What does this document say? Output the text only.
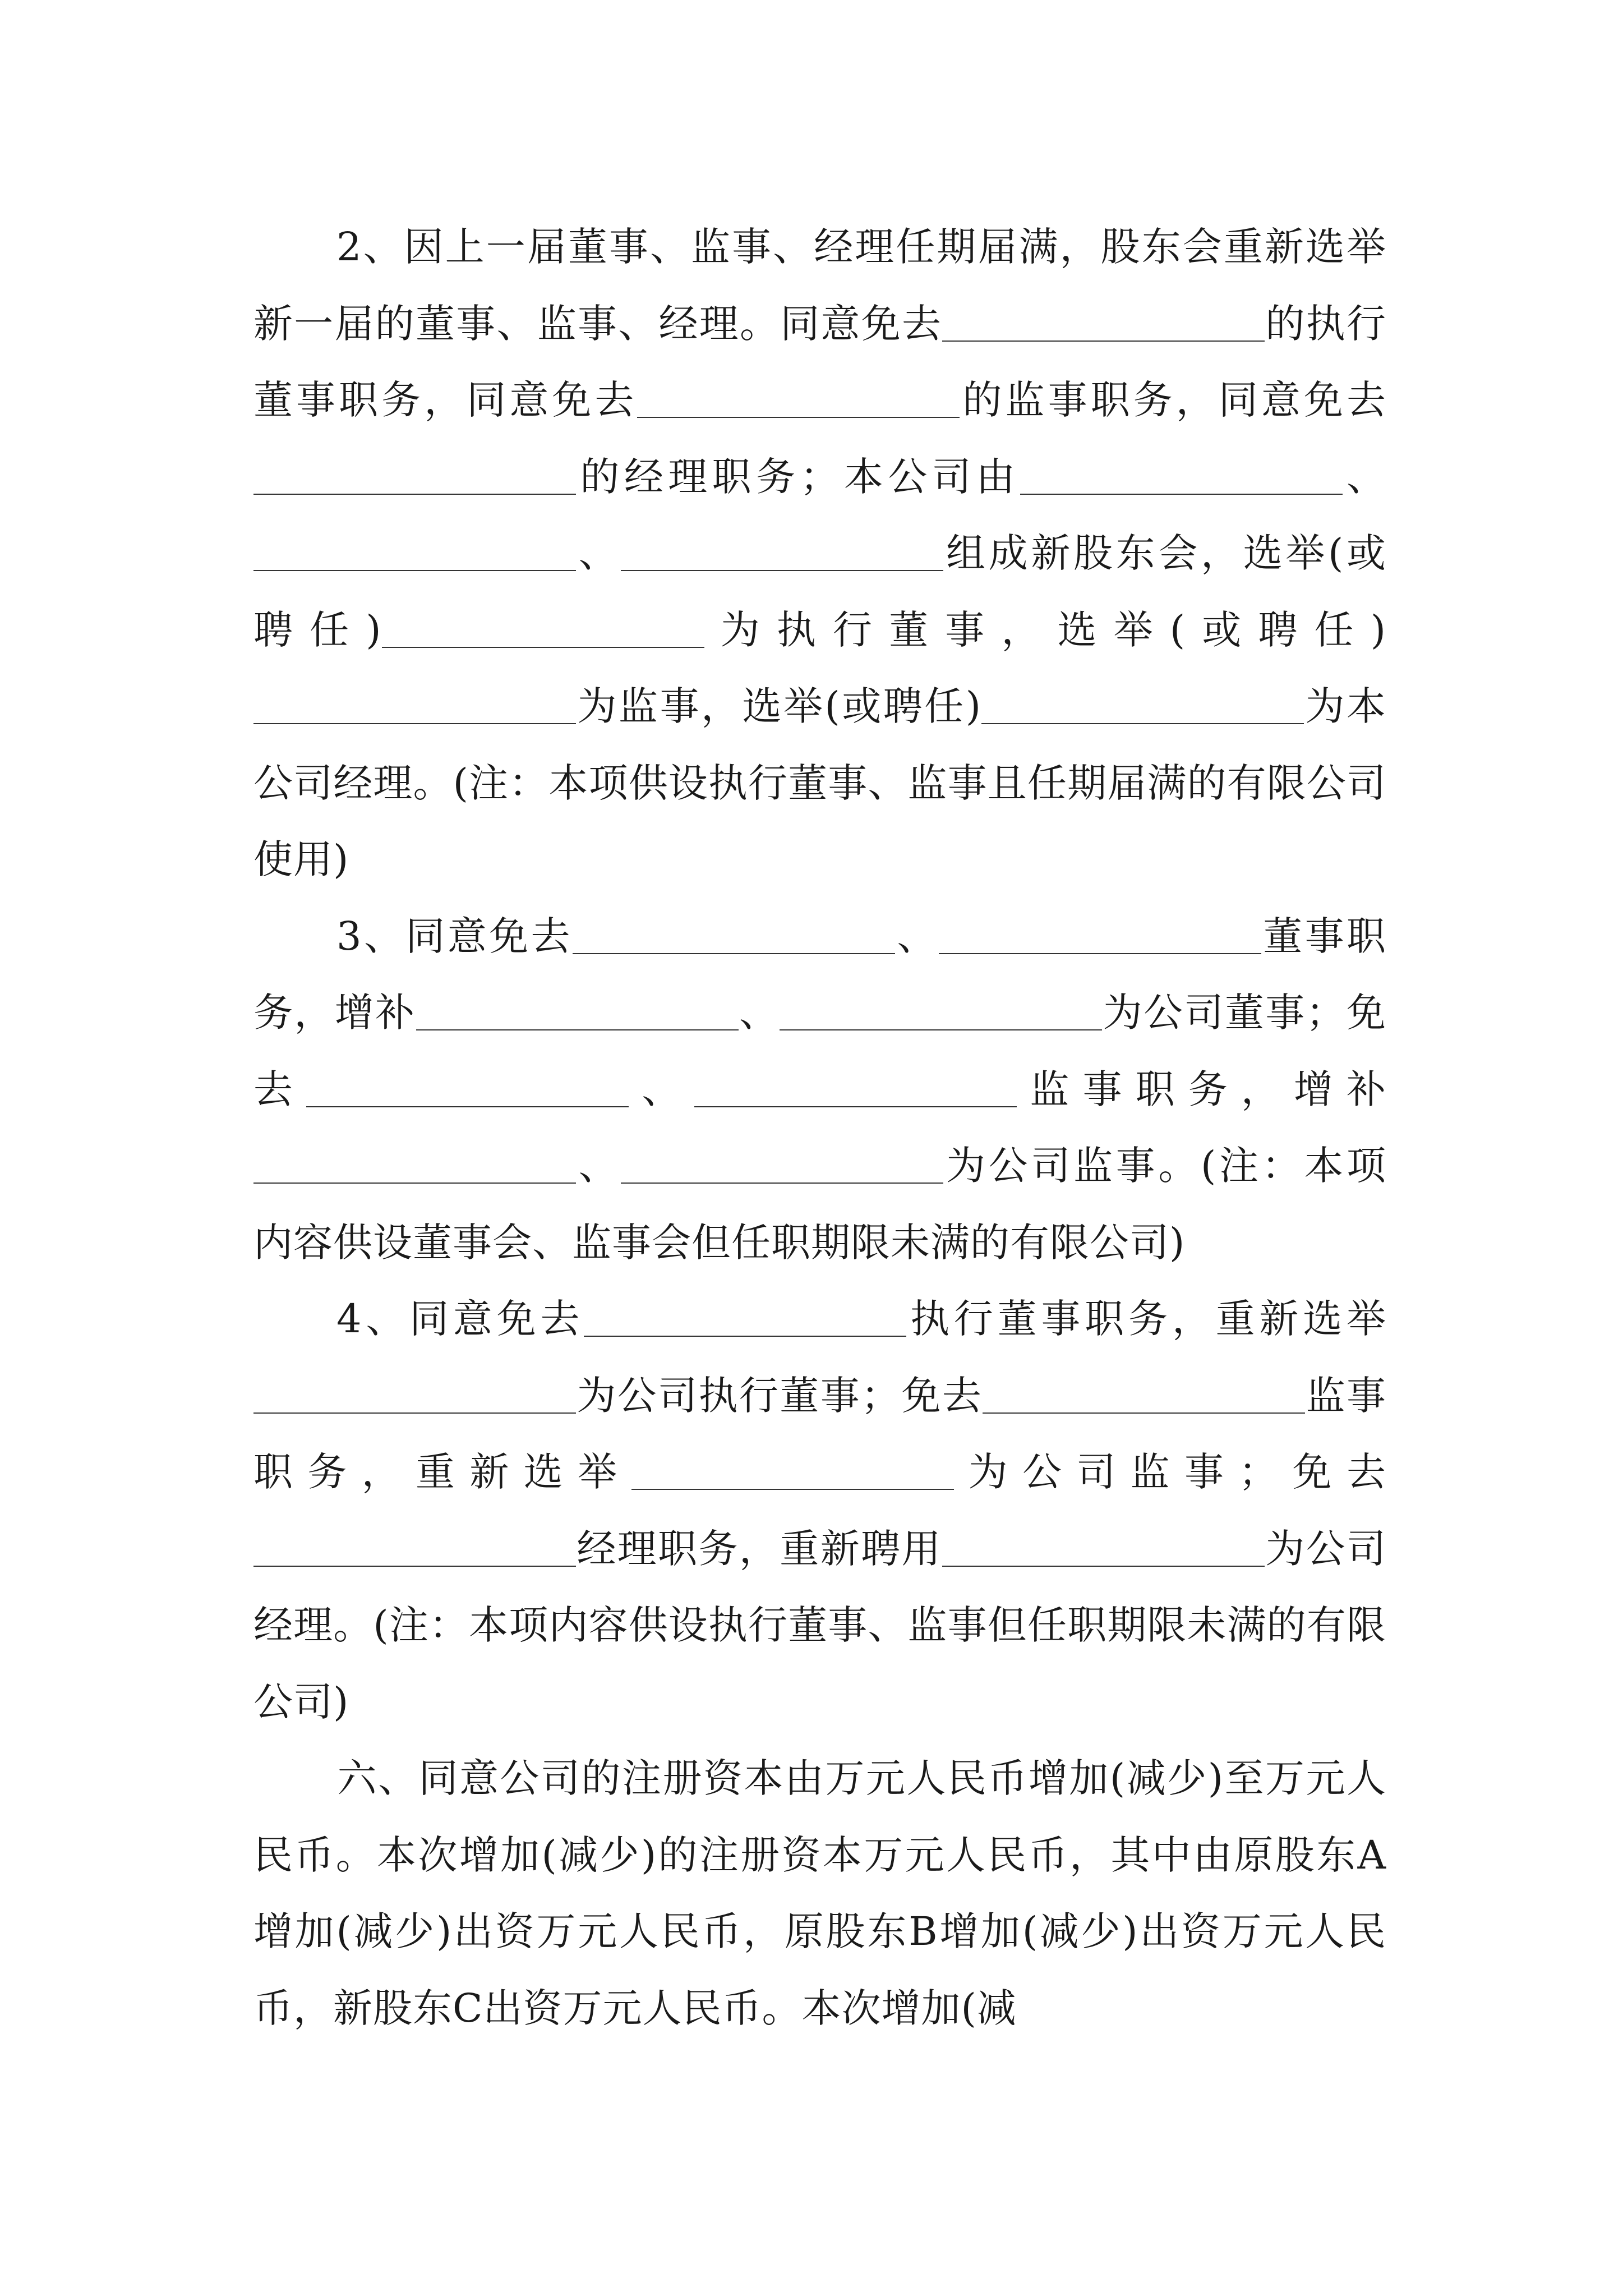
2、因上一届董事、监事、经理任期届满，股东会重新选举新一届的董事、监事、经理。同意免去	的执行董事职务，同意免去	的监事职务，同意免去的经理职务；本公司由	、、	组成新股东会，选举(或聘任)	为执行董事，选举(或聘任)为监事，选举(或聘任)	为本公司经理。(注：本项供设执行董事、监事且任期届满的有限公司使用)

3、同意免去	、	董事职务，增补	、	为公司董事；免去	、	监事职务，增补、	为公司监事。(注：本项内容供设董事会、监事会但任职期限未满的有限公司)

4、同意免去	执行董事职务，重新选举为公司执行董事；免去	监事职务，重新选举	为公司监事；免去经理职务，重新聘用	为公司经理。(注：本项内容供设执行董事、监事但任职期限未满的有限公司)

六、同意公司的注册资本由万元人民币增加(减少)至万元人民币。本次增加(减少)的注册资本万元人民币，其中由原股东A增加(减少)出资万元人民币，原股东B增加(减少)出资万元人民币，新股东C出资万元人民币。本次增加(减
